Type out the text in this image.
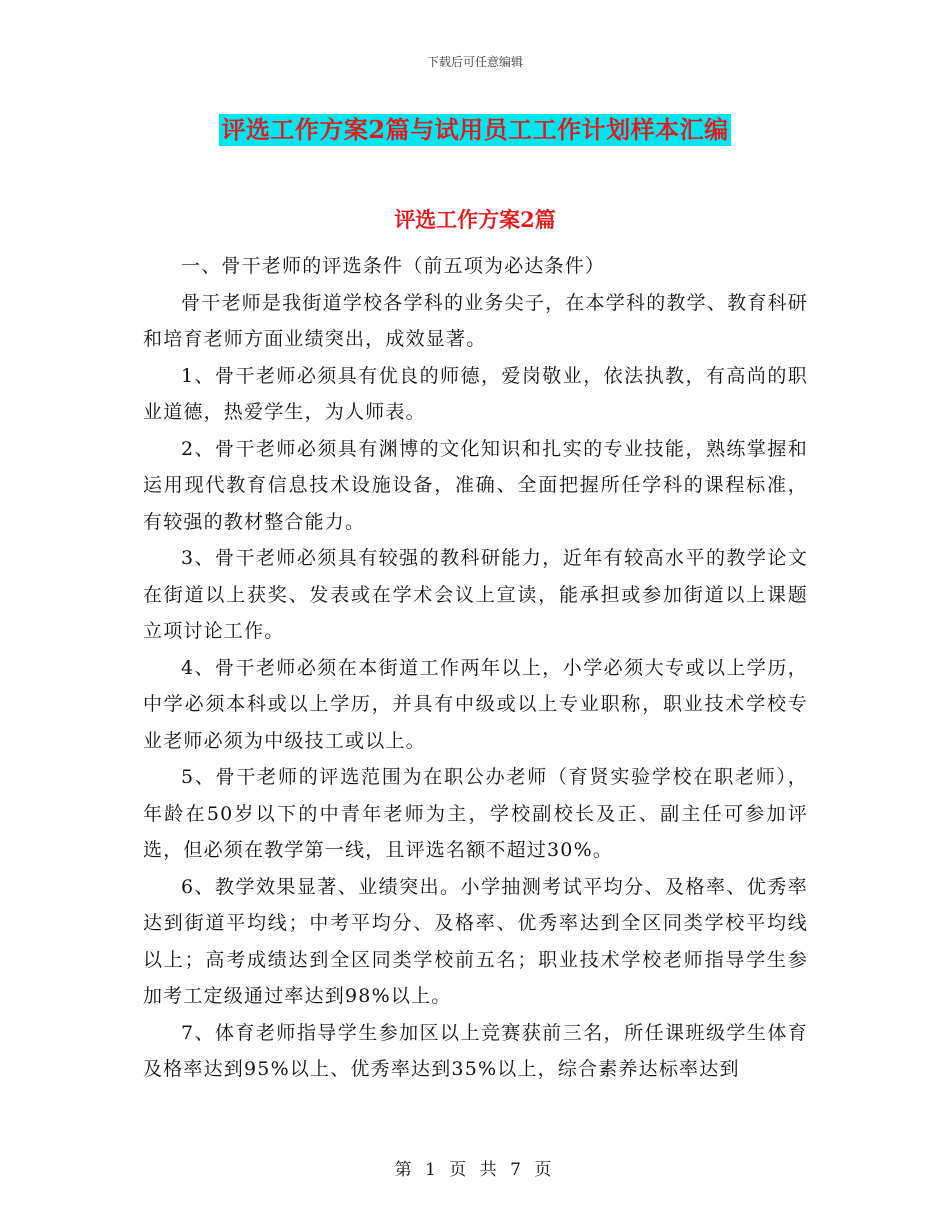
下载后可任意编辑
评选工作方案2篇与试用员工工作计划样本汇编
评选工作方案2篇

一、骨干老师的评选条件（前五项为必达条件）

骨干老师是我街道学校各学科的业务尖子，在本学科的教学、教育科研和培育老师方面业绩突出，成效显著。

1、骨干老师必须具有优良的师德，爱岗敬业，依法执教，有高尚的职业道德，热爱学生，为人师表。

2、骨干老师必须具有渊博的文化知识和扎实的专业技能，熟练掌握和运用现代教育信息技术设施设备，准确、全面把握所任学科的课程标准，有较强的教材整合能力。

3、骨干老师必须具有较强的教科研能力，近年有较高水平的教学论文在街道以上获奖、发表或在学术会议上宣读，能承担或参加街道以上课题立项讨论工作。

4、骨干老师必须在本街道工作两年以上，小学必须大专或以上学历，中学必须本科或以上学历，并具有中级或以上专业职称，职业技术学校专业老师必须为中级技工或以上。

5、骨干老师的评选范围为在职公办老师（育贤实验学校在职老师），年龄在50岁以下的中青年老师为主，学校副校长及正、副主任可参加评选，但必须在教学第一线，且评选名额不超过30%。

6、教学效果显著、业绩突出。小学抽测考试平均分、及格率、优秀率达到街道平均线；中考平均分、及格率、优秀率达到全区同类学校平均线以上；高考成绩达到全区同类学校前五名；职业技术学校老师指导学生参加考工定级通过率达到98%以上。

7、体育老师指导学生参加区以上竞赛获前三名，所任课班级学生体育及格率达到95%以上、优秀率达到35%以上，综合素养达标率达到

第 1 页 共 7 页
